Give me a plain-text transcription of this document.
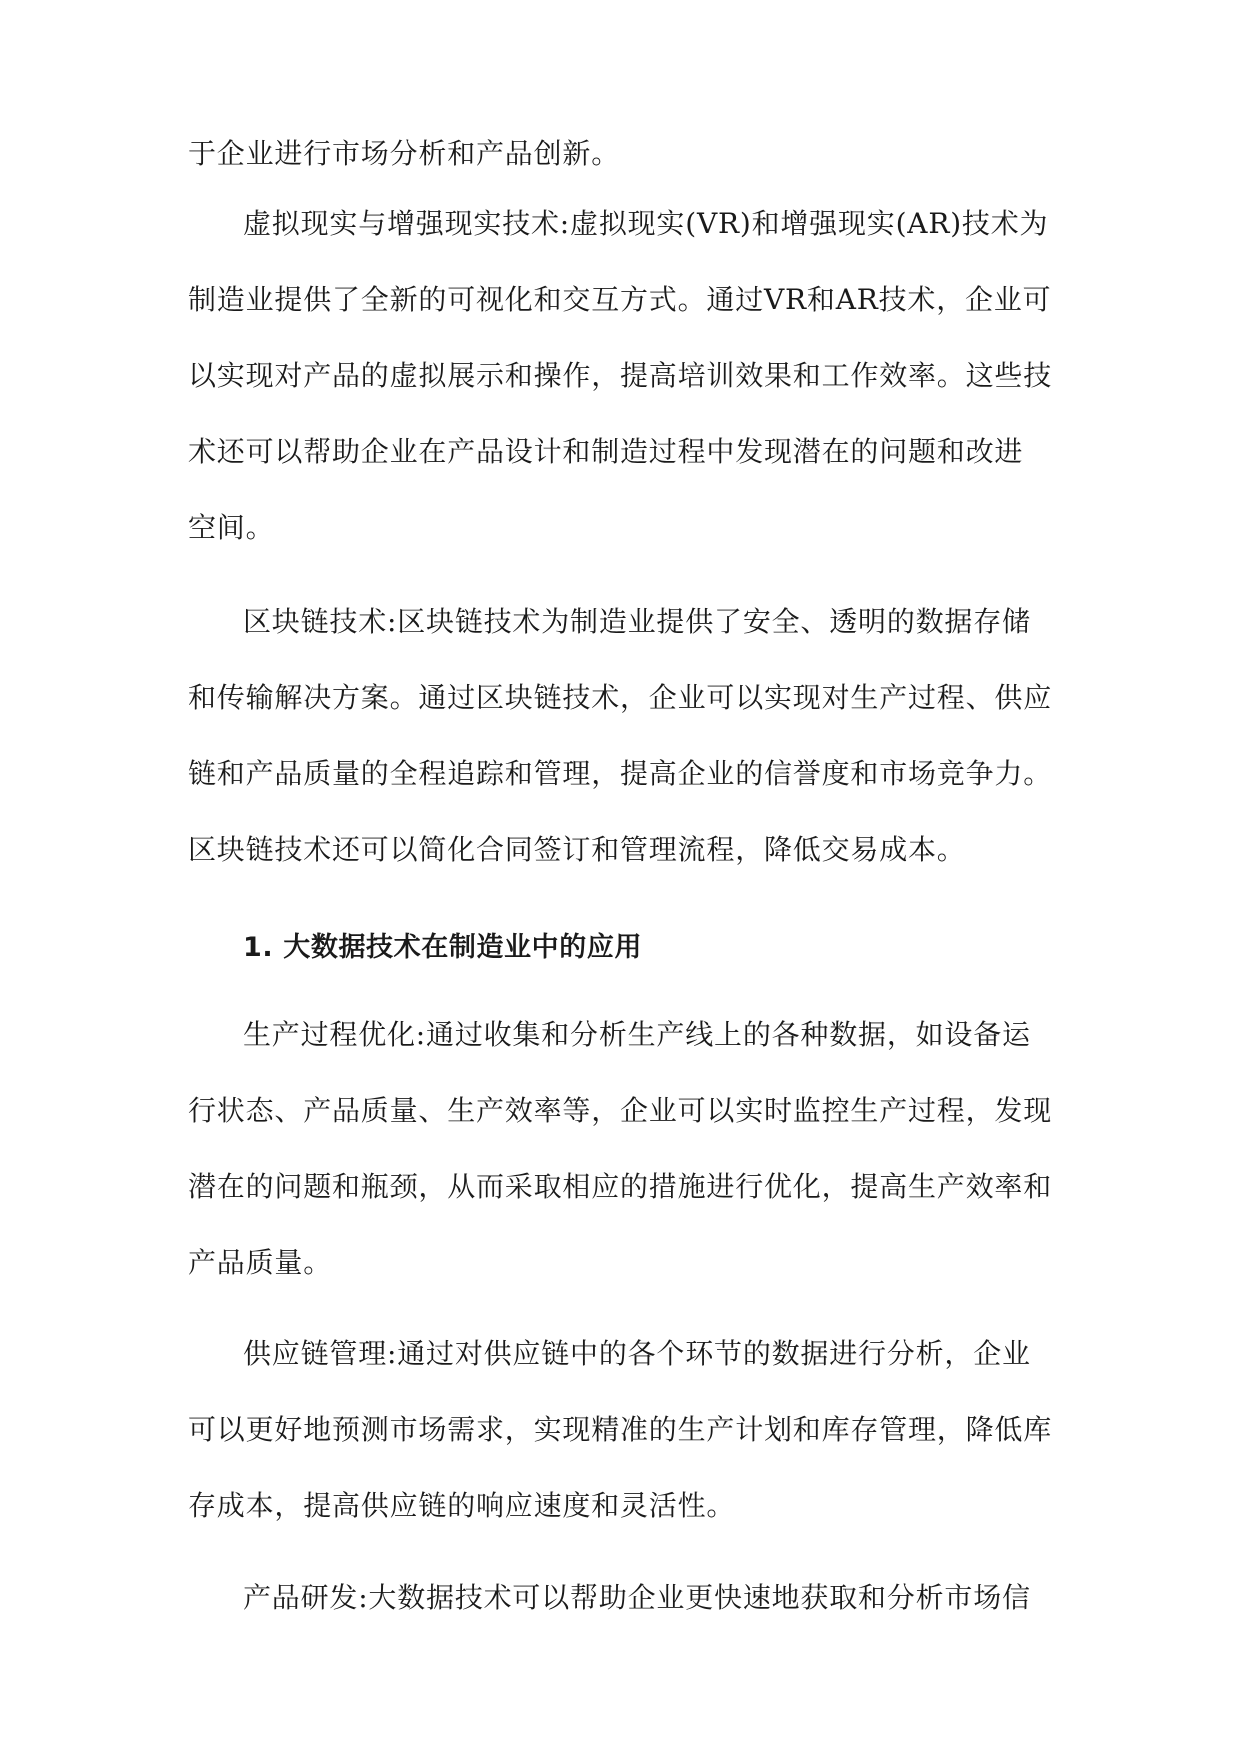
于企业进行市场分析和产品创新。

虚拟现实与增强现实技术:虚拟现实(VR)和增强现实(AR)技术为
制造业提供了全新的可视化和交互方式。通过VR和AR技术，企业可
以实现对产品的虚拟展示和操作，提高培训效果和工作效率。这些技
术还可以帮助企业在产品设计和制造过程中发现潜在的问题和改进
空间。

区块链技术:区块链技术为制造业提供了安全、透明的数据存储
和传输解决方案。通过区块链技术，企业可以实现对生产过程、供应
链和产品质量的全程追踪和管理，提高企业的信誉度和市场竞争力。
区块链技术还可以简化合同签订和管理流程，降低交易成本。

1. 大数据技术在制造业中的应用

生产过程优化:通过收集和分析生产线上的各种数据，如设备运
行状态、产品质量、生产效率等，企业可以实时监控生产过程，发现
潜在的问题和瓶颈，从而采取相应的措施进行优化，提高生产效率和
产品质量。

供应链管理:通过对供应链中的各个环节的数据进行分析，企业
可以更好地预测市场需求，实现精准的生产计划和库存管理，降低库
存成本，提高供应链的响应速度和灵活性。

产品研发:大数据技术可以帮助企业更快速地获取和分析市场信
